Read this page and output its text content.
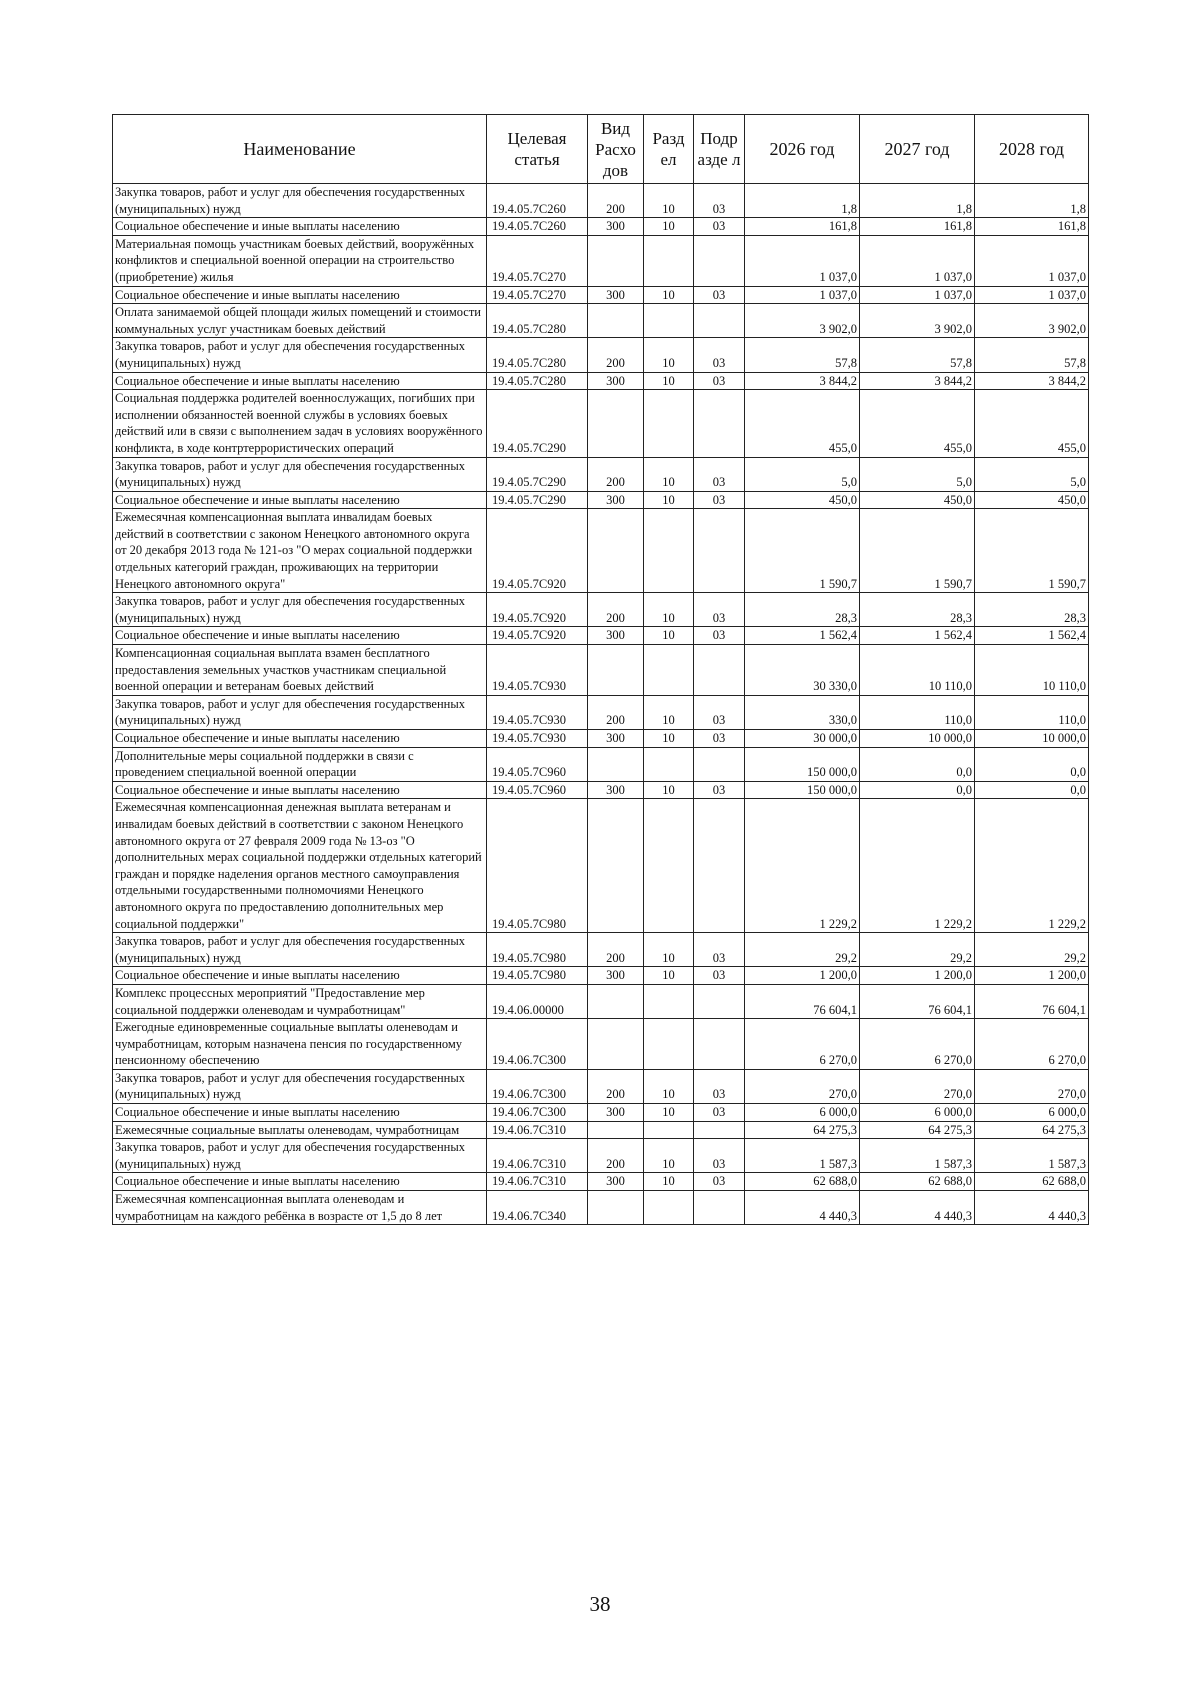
Наименование	Целевая статья	Вид Расхо дов	Разд ел	Подр азде л	2026 год	2027 год	2028 год
Закупка товаров, работ и услуг для обеспечения государственных (муниципальных) нужд	19.4.05.7С260	200	10	03	1,8	1,8	1,8
Социальное обеспечение и иные выплаты населению	19.4.05.7С260	300	10	03	161,8	161,8	161,8
Материальная помощь участникам боевых действий, вооружённых конфликтов и специальной военной операции на строительство (приобретение) жилья	19.4.05.7С270				1 037,0	1 037,0	1 037,0
Социальное обеспечение и иные выплаты населению	19.4.05.7С270	300	10	03	1 037,0	1 037,0	1 037,0
Оплата занимаемой общей площади жилых помещений и стоимости коммунальных услуг участникам боевых действий	19.4.05.7С280				3 902,0	3 902,0	3 902,0
Закупка товаров, работ и услуг для обеспечения государственных (муниципальных) нужд	19.4.05.7С280	200	10	03	57,8	57,8	57,8
Социальное обеспечение и иные выплаты населению	19.4.05.7С280	300	10	03	3 844,2	3 844,2	3 844,2
Социальная поддержка родителей военнослужащих, погибших при исполнении обязанностей военной службы в условиях боевых действий или в связи с выполнением задач в условиях вооружённого конфликта, в ходе контртеррористических операций	19.4.05.7С290				455,0	455,0	455,0
Закупка товаров, работ и услуг для обеспечения государственных (муниципальных) нужд	19.4.05.7С290	200	10	03	5,0	5,0	5,0
Социальное обеспечение и иные выплаты населению	19.4.05.7С290	300	10	03	450,0	450,0	450,0
Ежемесячная компенсационная выплата инвалидам боевых действий в соответствии с законом Ненецкого автономного округа от 20 декабря 2013 года № 121-оз "О мерах социальной поддержки отдельных категорий граждан, проживающих на территории Ненецкого автономного округа"	19.4.05.7С920				1 590,7	1 590,7	1 590,7
Закупка товаров, работ и услуг для обеспечения государственных (муниципальных) нужд	19.4.05.7С920	200	10	03	28,3	28,3	28,3
Социальное обеспечение и иные выплаты населению	19.4.05.7С920	300	10	03	1 562,4	1 562,4	1 562,4
Компенсационная социальная выплата взамен бесплатного предоставления земельных участков участникам специальной военной операции и ветеранам боевых действий	19.4.05.7С930				30 330,0	10 110,0	10 110,0
Закупка товаров, работ и услуг для обеспечения государственных (муниципальных) нужд	19.4.05.7С930	200	10	03	330,0	110,0	110,0
Социальное обеспечение и иные выплаты населению	19.4.05.7С930	300	10	03	30 000,0	10 000,0	10 000,0
Дополнительные меры социальной поддержки в связи с проведением специальной военной операции	19.4.05.7С960				150 000,0	0,0	0,0
Социальное обеспечение и иные выплаты населению	19.4.05.7С960	300	10	03	150 000,0	0,0	0,0
Ежемесячная компенсационная денежная выплата ветеранам и инвалидам боевых действий в соответствии с законом Ненецкого автономного округа от 27 февраля 2009 года № 13-оз "О дополнительных мерах социальной поддержки отдельных категорий граждан и порядке наделения органов местного самоуправления отдельными государственными полномочиями Ненецкого автономного округа по предоставлению дополнительных мер социальной поддержки"	19.4.05.7С980				1 229,2	1 229,2	1 229,2
Закупка товаров, работ и услуг для обеспечения государственных (муниципальных) нужд	19.4.05.7С980	200	10	03	29,2	29,2	29,2
Социальное обеспечение и иные выплаты населению	19.4.05.7С980	300	10	03	1 200,0	1 200,0	1 200,0
Комплекс процессных мероприятий "Предоставление мер социальной поддержки оленеводам и чумработницам"	19.4.06.00000				76 604,1	76 604,1	76 604,1
Ежегодные единовременные социальные выплаты оленеводам и чумработницам, которым назначена пенсия по государственному пенсионному обеспечению	19.4.06.7С300				6 270,0	6 270,0	6 270,0
Закупка товаров, работ и услуг для обеспечения государственных (муниципальных) нужд	19.4.06.7С300	200	10	03	270,0	270,0	270,0
Социальное обеспечение и иные выплаты населению	19.4.06.7С300	300	10	03	6 000,0	6 000,0	6 000,0
Ежемесячные социальные выплаты оленеводам, чумработницам	19.4.06.7С310				64 275,3	64 275,3	64 275,3
Закупка товаров, работ и услуг для обеспечения государственных (муниципальных) нужд	19.4.06.7С310	200	10	03	1 587,3	1 587,3	1 587,3
Социальное обеспечение и иные выплаты населению	19.4.06.7С310	300	10	03	62 688,0	62 688,0	62 688,0
Ежемесячная компенсационная выплата оленеводам и чумработницам на каждого ребёнка в возрасте от 1,5 до 8 лет	19.4.06.7С340				4 440,3	4 440,3	4 440,3
38
